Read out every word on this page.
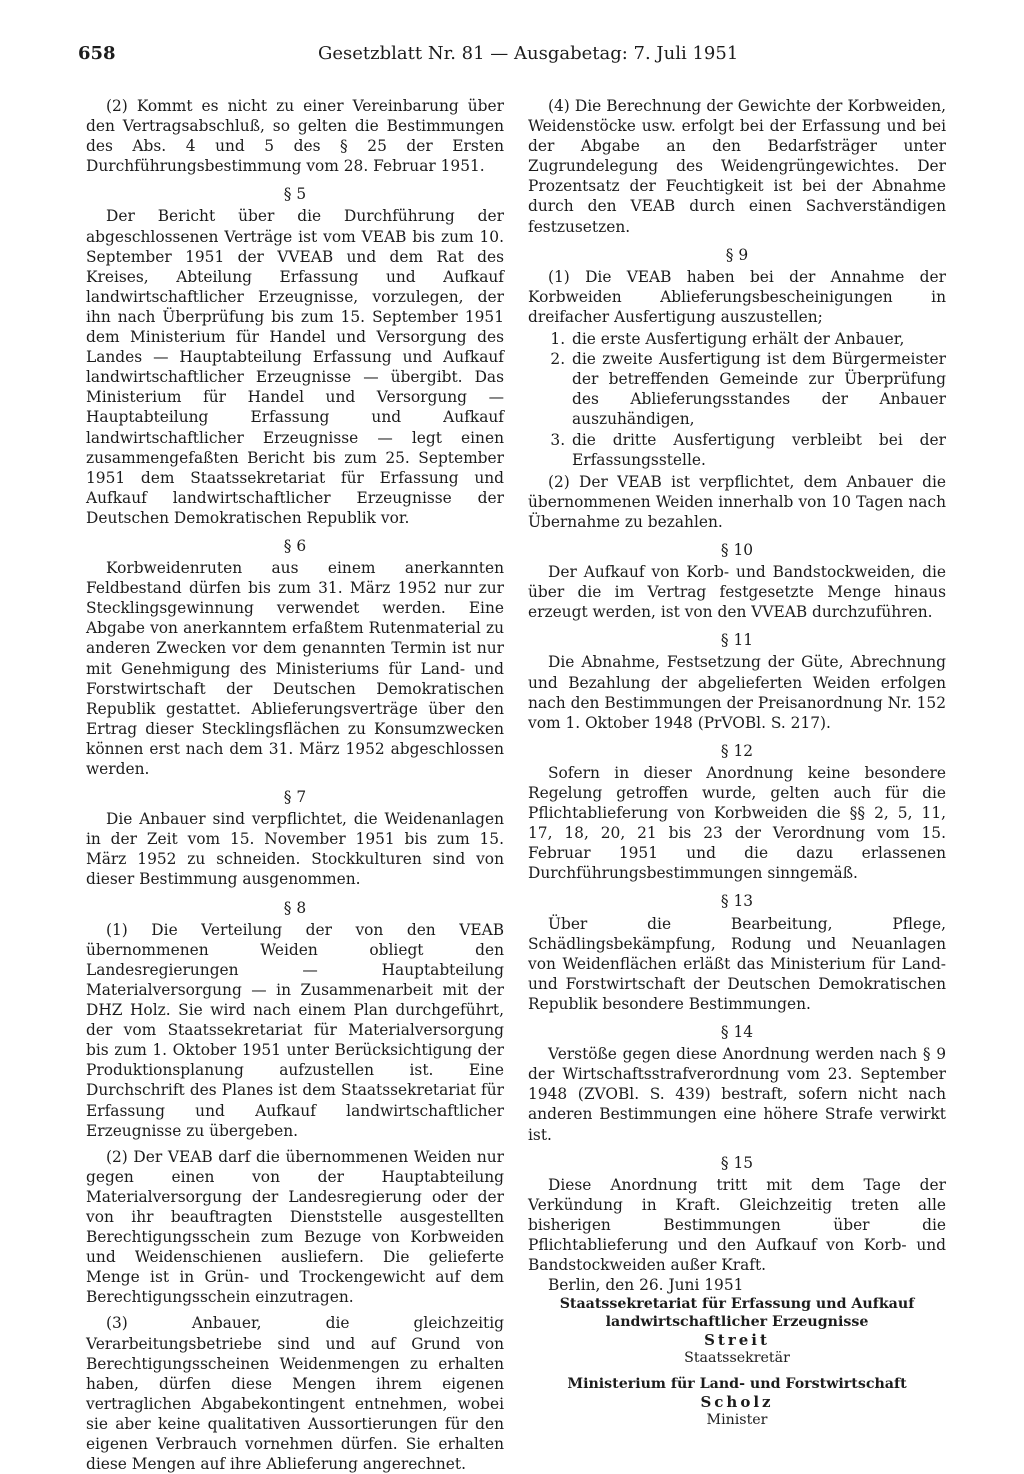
658	Gesetzblatt Nr. 81 — Ausgabetag: 7. Juli 1951

(2) Kommt es nicht zu einer Vereinbarung über den Vertragsabschluß, so gelten die Bestimmungen des Abs. 4 und 5 des § 25 der Ersten Durchführungsbestimmung vom 28. Februar 1951.

§ 5

Der Bericht über die Durchführung der abgeschlossenen Verträge ist vom VEAB bis zum 10. September 1951 der VVEAB und dem Rat des Kreises, Abteilung Erfassung und Aufkauf landwirtschaftlicher Erzeugnisse, vorzulegen, der ihn nach Überprüfung bis zum 15. September 1951 dem Ministerium für Handel und Versorgung des Landes — Hauptabteilung Erfassung und Aufkauf landwirtschaftlicher Erzeugnisse — übergibt. Das Ministerium für Handel und Versorgung — Hauptabteilung Erfassung und Aufkauf landwirtschaftlicher Erzeugnisse — legt einen zusammengefaßten Bericht bis zum 25. September 1951 dem Staatssekretariat für Erfassung und Aufkauf landwirtschaftlicher Erzeugnisse der Deutschen Demokratischen Republik vor.

§ 6

Korbweidenruten aus einem anerkannten Feldbestand dürfen bis zum 31. März 1952 nur zur Stecklingsgewinnung verwendet werden. Eine Abgabe von anerkanntem erfaßtem Rutenmaterial zu anderen Zwecken vor dem genannten Termin ist nur mit Genehmigung des Ministeriums für Land- und Forstwirtschaft der Deutschen Demokratischen Republik gestattet. Ablieferungsverträge über den Ertrag dieser Stecklingsflächen zu Konsumzwecken können erst nach dem 31. März 1952 abgeschlossen werden.

§ 7

Die Anbauer sind verpflichtet, die Weidenanlagen in der Zeit vom 15. November 1951 bis zum 15. März 1952 zu schneiden. Stockkulturen sind von dieser Bestimmung ausgenommen.

§ 8

(1) Die Verteilung der von den VEAB übernommenen Weiden obliegt den Landesregierungen — Hauptabteilung Materialversorgung — in Zusammenarbeit mit der DHZ Holz. Sie wird nach einem Plan durchgeführt, der vom Staatssekretariat für Materialversorgung bis zum 1. Oktober 1951 unter Berücksichtigung der Produktionsplanung aufzustellen ist. Eine Durchschrift des Planes ist dem Staatssekretariat für Erfassung und Aufkauf landwirtschaftlicher Erzeugnisse zu übergeben.

(2) Der VEAB darf die übernommenen Weiden nur gegen einen von der Hauptabteilung Materialversorgung der Landesregierung oder der von ihr beauftragten Dienststelle ausgestellten Berechtigungsschein zum Bezuge von Korbweiden und Weidenschienen ausliefern. Die gelieferte Menge ist in Grün- und Trockengewicht auf dem Berechtigungsschein einzutragen.

(3) Anbauer, die gleichzeitig Verarbeitungsbetriebe sind und auf Grund von Berechtigungsscheinen Weidenmengen zu erhalten haben, dürfen diese Mengen ihrem eigenen vertraglichen Abgabekontingent entnehmen, wobei sie aber keine qualitativen Aussortierungen für den eigenen Verbrauch vornehmen dürfen. Sie erhalten diese Mengen auf ihre Ablieferung angerechnet.

(4) Die Berechnung der Gewichte der Korbweiden, Weidenstöcke usw. erfolgt bei der Erfassung und bei der Abgabe an den Bedarfsträger unter Zugrundelegung des Weidengrüngewichtes. Der Prozentsatz der Feuchtigkeit ist bei der Abnahme durch den VEAB durch einen Sachverständigen festzusetzen.

§ 9

(1) Die VEAB haben bei der Annahme der Korbweiden Ablieferungsbescheinigungen in dreifacher Ausfertigung auszustellen;

1. die erste Ausfertigung erhält der Anbauer,
2. die zweite Ausfertigung ist dem Bürgermeister der betreffenden Gemeinde zur Überprüfung des Ablieferungsstandes der Anbauer auszuhändigen,
3. die dritte Ausfertigung verbleibt bei der Erfassungsstelle.

(2) Der VEAB ist verpflichtet, dem Anbauer die übernommenen Weiden innerhalb von 10 Tagen nach Übernahme zu bezahlen.

§ 10

Der Aufkauf von Korb- und Bandstockweiden, die über die im Vertrag festgesetzte Menge hinaus erzeugt werden, ist von den VVEAB durchzuführen.

§ 11

Die Abnahme, Festsetzung der Güte, Abrechnung und Bezahlung der abgelieferten Weiden erfolgen nach den Bestimmungen der Preisanordnung Nr. 152 vom 1. Oktober 1948 (PrVOBl. S. 217).

§ 12

Sofern in dieser Anordnung keine besondere Regelung getroffen wurde, gelten auch für die Pflichtablieferung von Korbweiden die §§ 2, 5, 11, 17, 18, 20, 21 bis 23 der Verordnung vom 15. Februar 1951 und die dazu erlassenen Durchführungsbestimmungen sinngemäß.

§ 13

Über die Bearbeitung, Pflege, Schädlingsbekämpfung, Rodung und Neuanlagen von Weidenflächen erläßt das Ministerium für Land- und Forstwirtschaft der Deutschen Demokratischen Republik besondere Bestimmungen.

§ 14

Verstöße gegen diese Anordnung werden nach § 9 der Wirtschaftsstrafverordnung vom 23. September 1948 (ZVOBl. S. 439) bestraft, sofern nicht nach anderen Bestimmungen eine höhere Strafe verwirkt ist.

§ 15

Diese Anordnung tritt mit dem Tage der Verkündung in Kraft. Gleichzeitig treten alle bisherigen Bestimmungen über die Pflichtablieferung und den Aufkauf von Korb- und Bandstockweiden außer Kraft.

Berlin, den 26. Juni 1951

Staatssekretariat für Erfassung und Aufkauf
landwirtschaftlicher Erzeugnisse
Streit
Staatssekretär
Ministerium für Land- und Forstwirtschaft
Scholz
Minister
